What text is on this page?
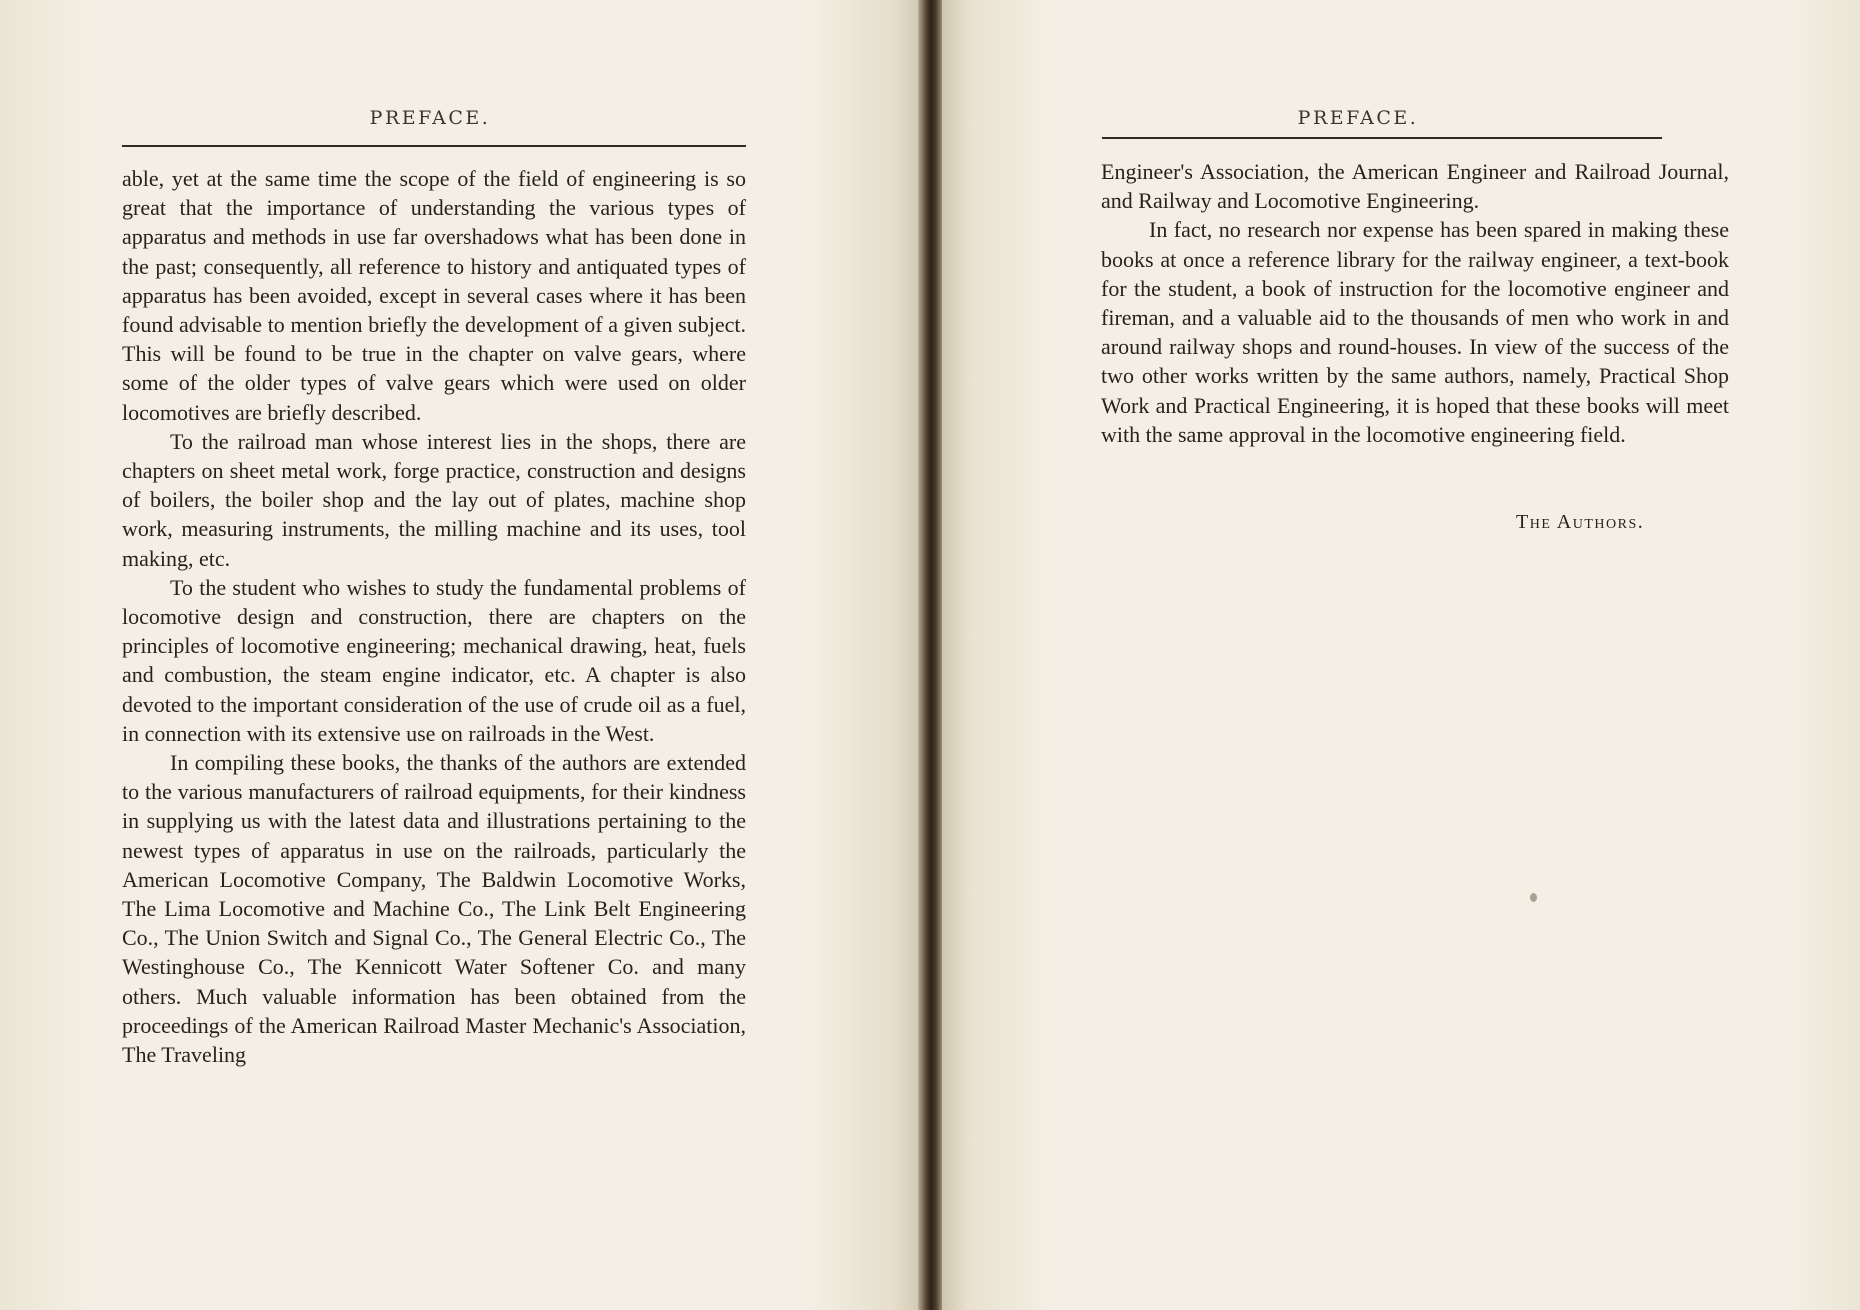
PREFACE.

able, yet at the same time the scope of the field of engineering is so great that the importance of understanding the various types of apparatus and methods in use far overshadows what has been done in the past; consequently, all reference to history and antiquated types of apparatus has been avoided, except in several cases where it has been found advisable to mention briefly the development of a given subject. This will be found to be true in the chapter on valve gears, where some of the older types of valve gears which were used on older locomotives are briefly described.

To the railroad man whose interest lies in the shops, there are chapters on sheet metal work, forge practice, construction and designs of boilers, the boiler shop and the lay out of plates, machine shop work, measuring instruments, the milling machine and its uses, tool making, etc.

To the student who wishes to study the fundamental problems of locomotive design and construction, there are chapters on the principles of locomotive engineering; mechanical drawing, heat, fuels and combustion, the steam engine indicator, etc. A chapter is also devoted to the important consideration of the use of crude oil as a fuel, in connection with its extensive use on railroads in the West.

In compiling these books, the thanks of the authors are extended to the various manufacturers of railroad equipments, for their kindness in supplying us with the latest data and illustrations pertaining to the newest types of apparatus in use on the railroads, particularly the American Locomotive Company, The Baldwin Locomotive Works, The Lima Locomotive and Machine Co., The Link Belt Engineering Co., The Union Switch and Signal Co., The General Electric Co., The Westinghouse Co., The Kennicott Water Softener Co. and many others. Much valuable information has been obtained from the proceedings of the American Railroad Master Mechanic's Association, The Traveling

PREFACE.

Engineer's Association, the American Engineer and Railroad Journal, and Railway and Locomotive Engineering.

In fact, no research nor expense has been spared in making these books at once a reference library for the railway engineer, a text-book for the student, a book of instruction for the locomotive engineer and fireman, and a valuable aid to the thousands of men who work in and around railway shops and round-houses. In view of the success of the two other works written by the same authors, namely, Practical Shop Work and Practical Engineering, it is hoped that these books will meet with the same approval in the locomotive engineering field.

The Authors.
